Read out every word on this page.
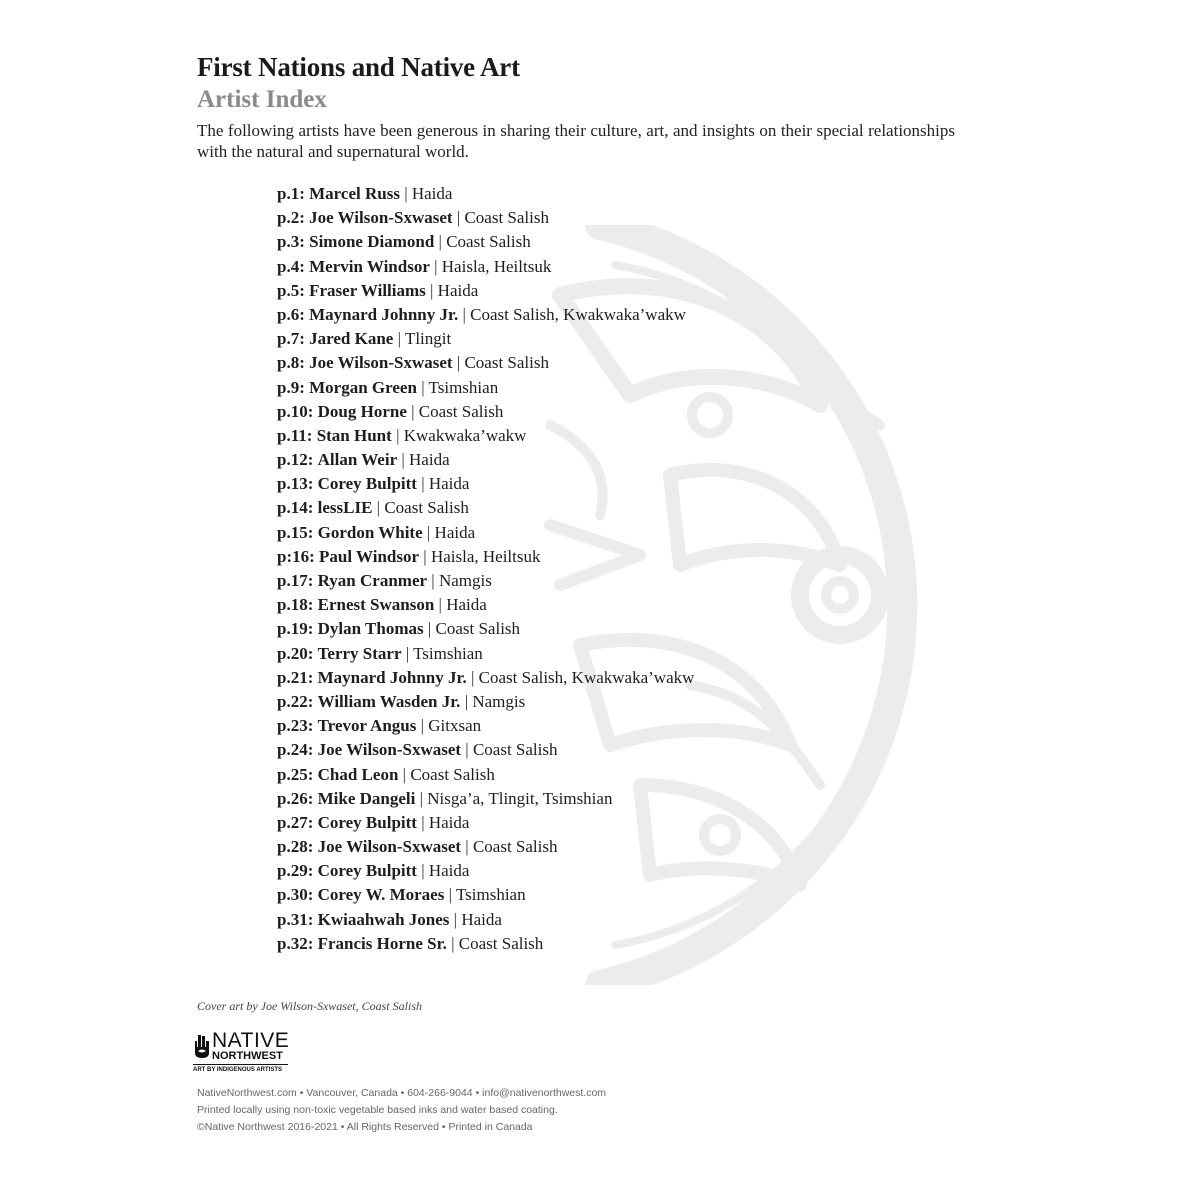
First Nations and Native Art
Artist Index

The following artists have been generous in sharing their culture, art, and insights on their special relationships with the natural and supernatural world.

p.1: Marcel Russ | Haida
p.2: Joe Wilson-Sxwaset | Coast Salish
p.3: Simone Diamond | Coast Salish
p.4: Mervin Windsor | Haisla, Heiltsuk
p.5: Fraser Williams | Haida
p.6: Maynard Johnny Jr. | Coast Salish, Kwakwaka’wakw
p.7: Jared Kane | Tlingit
p.8: Joe Wilson-Sxwaset | Coast Salish
p.9: Morgan Green | Tsimshian
p.10: Doug Horne | Coast Salish
p.11: Stan Hunt | Kwakwaka’wakw
p.12: Allan Weir | Haida
p.13: Corey Bulpitt | Haida
p.14: lessLIE | Coast Salish
p.15: Gordon White | Haida
p:16: Paul Windsor | Haisla, Heiltsuk
p.17: Ryan Cranmer | Namgis
p.18: Ernest Swanson | Haida
p.19: Dylan Thomas | Coast Salish
p.20: Terry Starr | Tsimshian
p.21: Maynard Johnny Jr. | Coast Salish, Kwakwaka’wakw
p.22: William Wasden Jr. | Namgis
p.23: Trevor Angus | Gitxsan
p.24: Joe Wilson-Sxwaset | Coast Salish
p.25: Chad Leon | Coast Salish
p.26: Mike Dangeli | Nisga’a, Tlingit, Tsimshian
p.27: Corey Bulpitt | Haida
p.28: Joe Wilson-Sxwaset | Coast Salish
p.29: Corey Bulpitt | Haida
p.30: Corey W. Moraes | Tsimshian
p.31: Kwiaahwah Jones | Haida
p.32: Francis Horne Sr. | Coast Salish

Cover art by Joe Wilson-Sxwaset, Coast Salish

NATIVE
NORTHWEST
ART BY INDIGENOUS ARTISTS
NativeNorthwest.com • Vancouver, Canada • 604-266-9044 • info@nativenorthwest.com
Printed locally using non-toxic vegetable based inks and water based coating.
©Native Northwest 2016-2021 • All Rights Reserved • Printed in Canada
